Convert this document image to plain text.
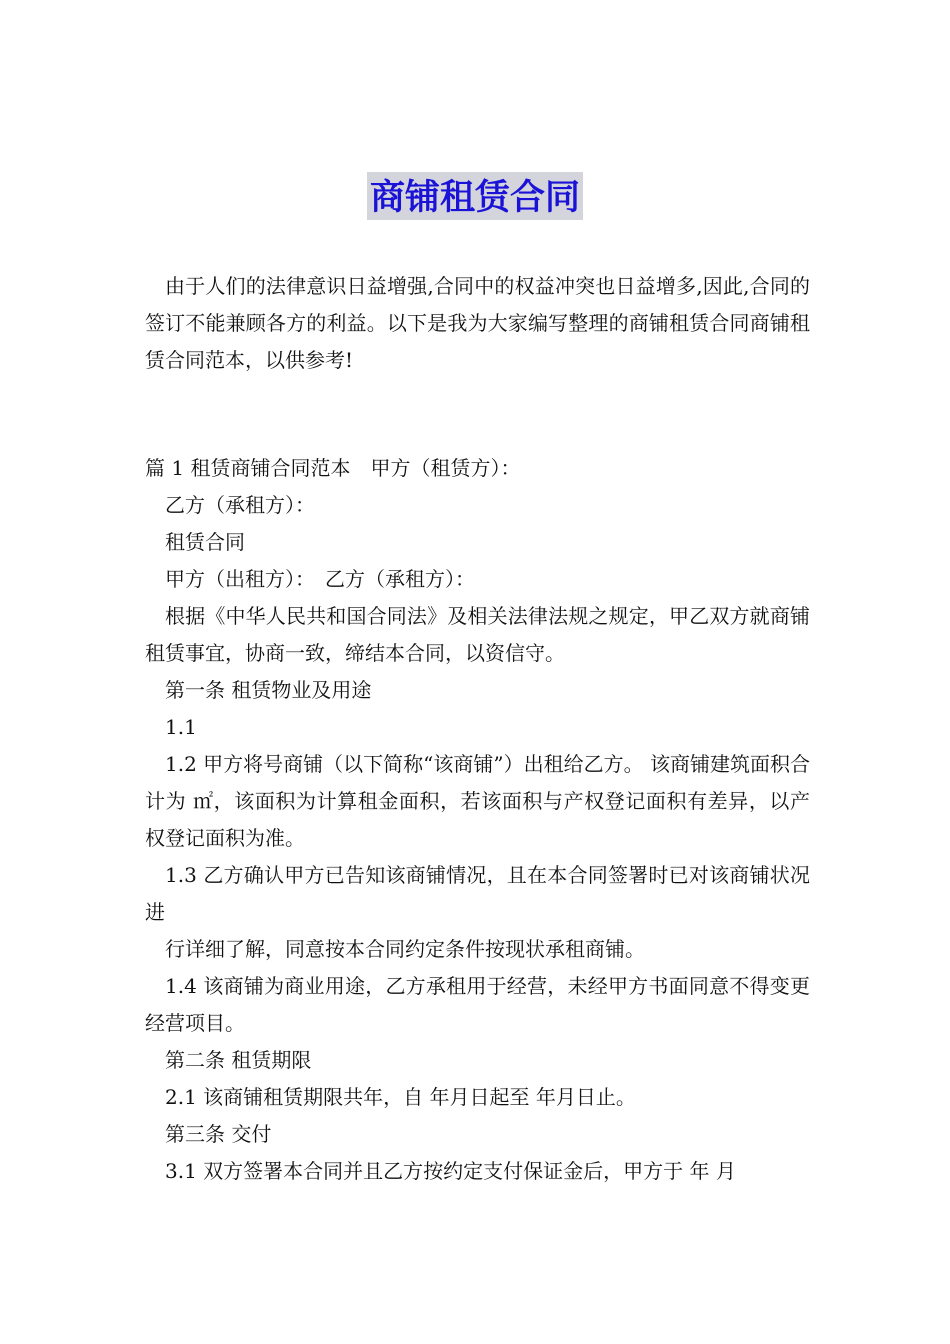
商铺租赁合同

由于人们的法律意识日益增强,合同中的权益冲突也日益增多,因此,合同的签订不能兼顾各方的利益。以下是我为大家编写整理的商铺租赁合同商铺租赁合同范本，以供参考!

篇 1 租赁商铺合同范本　甲方（租赁方）：

乙方（承租方）：

租赁合同

甲方（出租方）：　乙方（承租方）：

根据《中华人民共和国合同法》及相关法律法规之规定，甲乙双方就商铺租赁事宜，协商一致，缔结本合同，以资信守。

第一条 租赁物业及用途

1.1

1.2 甲方将号商铺（以下简称“该商铺”）出租给乙方。 该商铺建筑面积合计为 ㎡，该面积为计算租金面积，若该面积与产权登记面积有差异，以产权登记面积为准。

1.3 乙方确认甲方已告知该商铺情况，且在本合同签署时已对该商铺状况进

行详细了解，同意按本合同约定条件按现状承租商铺。

1.4 该商铺为商业用途，乙方承租用于经营，未经甲方书面同意不得变更经营项目。

第二条 租赁期限

2.1 该商铺租赁期限共年，自 年月日起至 年月日止。

第三条 交付

3.1 双方签署本合同并且乙方按约定支付保证金后，甲方于 年 月
